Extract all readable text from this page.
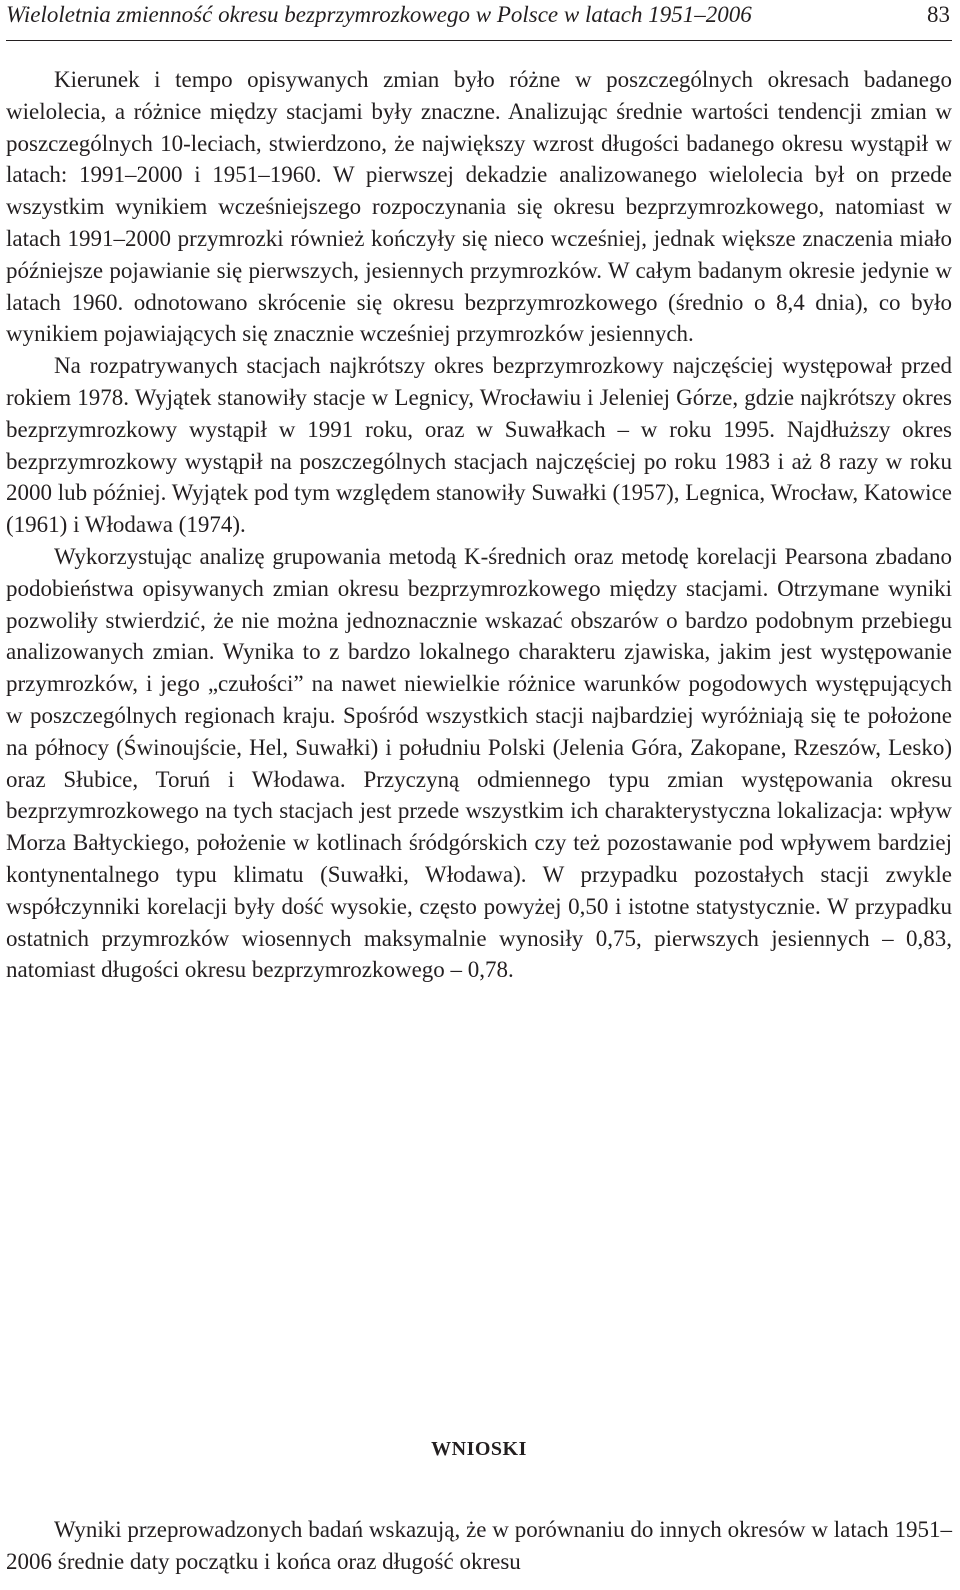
Wieloletnia zmienność okresu bezprzymrozkowego w Polsce w latach 1951–2006	83

Kierunek i tempo opisywanych zmian było różne w poszczególnych okresach badanego wielolecia, a różnice między stacjami były znaczne. Analizując średnie wartości tendencji zmian w poszczególnych 10-leciach, stwierdzono, że największy wzrost długości badanego okresu wystąpił w latach: 1991–2000 i 1951–1960. W pierwszej dekadzie analizowanego wielolecia był on przede wszystkim wynikiem wcześniejszego rozpoczynania się okresu bezprzymrozkowego, natomiast w latach 1991–2000 przymrozki również kończyły się nieco wcześniej, jednak większe znaczenia miało późniejsze pojawianie się pierwszych, jesiennych przymrozków. W całym badanym okresie jedynie w latach 1960. odnotowano skrócenie się okresu bezprzymrozkowego (średnio o 8,4 dnia), co było wynikiem pojawiających się znacznie wcześniej przymrozków jesiennych.

Na rozpatrywanych stacjach najkrótszy okres bezprzymrozkowy najczęściej występował przed rokiem 1978. Wyjątek stanowiły stacje w Legnicy, Wrocławiu i Jeleniej Górze, gdzie najkrótszy okres bezprzymrozkowy wystąpił w 1991 roku, oraz w Suwałkach – w roku 1995. Najdłuższy okres bezprzymrozkowy wystąpił na poszczególnych stacjach najczęściej po roku 1983 i aż 8 razy w roku 2000 lub później. Wyjątek pod tym względem stanowiły Suwałki (1957), Legnica, Wrocław, Katowice (1961) i Włodawa (1974).

Wykorzystując analizę grupowania metodą K-średnich oraz metodę korelacji Pearsona zbadano podobieństwa opisywanych zmian okresu bezprzymrozkowego między stacjami. Otrzymane wyniki pozwoliły stwierdzić, że nie można jednoznacznie wskazać obszarów o bardzo podobnym przebiegu analizowanych zmian. Wynika to z bardzo lokalnego charakteru zjawiska, jakim jest występowanie przymrozków, i jego „czułości” na nawet niewielkie różnice warunków pogodowych występujących w poszczególnych regionach kraju. Spośród wszystkich stacji najbardziej wyróżniają się te położone na północy (Świnoujście, Hel, Suwałki) i południu Polski (Jelenia Góra, Zakopane, Rzeszów, Lesko) oraz Słubice, Toruń i Włodawa. Przyczyną odmiennego typu zmian występowania okresu bezprzymrozkowego na tych stacjach jest przede wszystkim ich charakterystyczna lokalizacja: wpływ Morza Bałtyckiego, położenie w kotlinach śródgórskich czy też pozostawanie pod wpływem bardziej kontynentalnego typu klimatu (Suwałki, Włodawa). W przypadku pozostałych stacji zwykle współczynniki korelacji były dość wysokie, często powyżej 0,50 i istotne statystycznie. W przypadku ostatnich przymrozków wiosennych maksymalnie wynosiły 0,75, pierwszych jesiennych – 0,83, natomiast długości okresu bezprzymrozkowego – 0,78.

WNIOSKI

Wyniki przeprowadzonych badań wskazują, że w porównaniu do innych okresów w latach 1951–2006 średnie daty początku i końca oraz długość okresu
